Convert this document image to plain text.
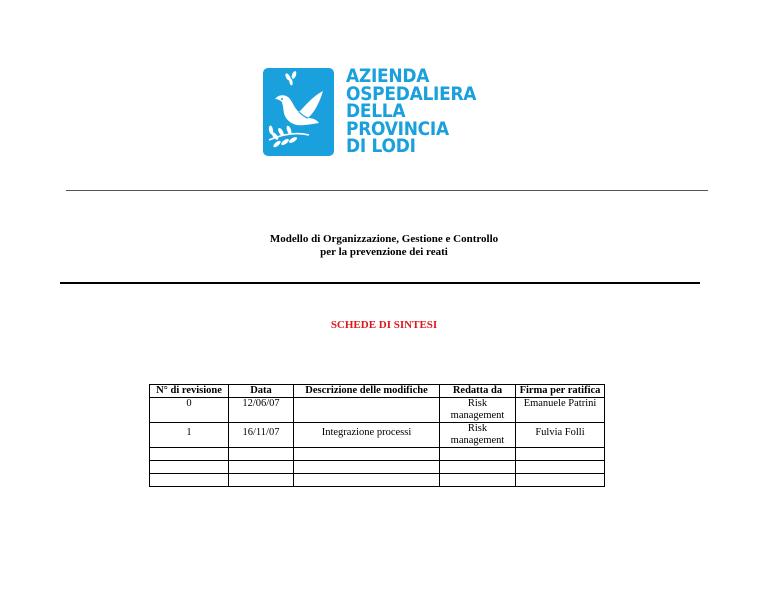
AZIENDA
OSPEDALIERA
DELLA
PROVINCIA
DI LODI
Modello di Organizzazione, Gestione e Controllo
per la prevenzione dei reati
SCHEDE DI SINTESI
N° di revisione	Data	Descrizione delle modifiche	Redatta da	Firma per ratifica
0	12/06/07		Risk management	Emanuele Patrini
1	16/11/07	Integrazione processi	Risk management	Fulvia Folli
